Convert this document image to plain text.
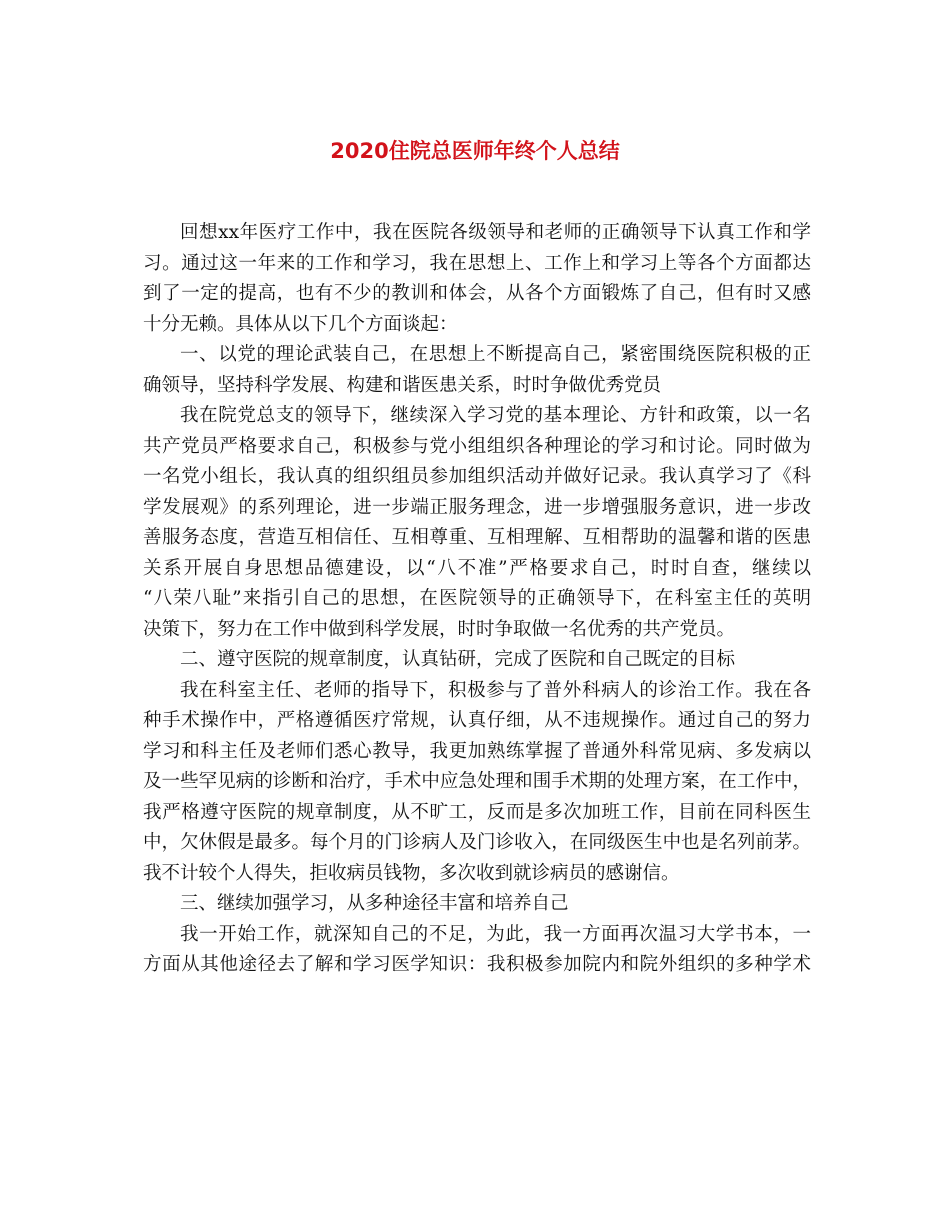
2020住院总医师年终个人总结
回想xx年医疗工作中，我在医院各级领导和老师的正确领导下认真工作和学
习。通过这一年来的工作和学习，我在思想上、工作上和学习上等各个方面都达
到了一定的提高，也有不少的教训和体会，从各个方面锻炼了自己，但有时又感
十分无赖。具体从以下几个方面谈起：
一、以党的理论武装自己，在思想上不断提高自己，紧密围绕医院积极的正
确领导，坚持科学发展、构建和谐医患关系，时时争做优秀党员
我在院党总支的领导下，继续深入学习党的基本理论、方针和政策，以一名
共产党员严格要求自己，积极参与党小组组织各种理论的学习和讨论。同时做为
一名党小组长，我认真的组织组员参加组织活动并做好记录。我认真学习了《科
学发展观》的系列理论，进一步端正服务理念，进一步增强服务意识，进一步改
善服务态度，营造互相信任、互相尊重、互相理解、互相帮助的温馨和谐的医患
关系开展自身思想品德建设，以“八不准”严格要求自己，时时自查，继续以
“八荣八耻”来指引自己的思想，在医院领导的正确领导下，在科室主任的英明
决策下，努力在工作中做到科学发展，时时争取做一名优秀的共产党员。
二、遵守医院的规章制度，认真钻研，完成了医院和自己既定的目标
我在科室主任、老师的指导下，积极参与了普外科病人的诊治工作。我在各
种手术操作中，严格遵循医疗常规，认真仔细，从不违规操作。通过自己的努力
学习和科主任及老师们悉心教导，我更加熟练掌握了普通外科常见病、多发病以
及一些罕见病的诊断和治疗，手术中应急处理和围手术期的处理方案，在工作中，
我严格遵守医院的规章制度，从不旷工，反而是多次加班工作，目前在同科医生
中，欠休假是最多。每个月的门诊病人及门诊收入，在同级医生中也是名列前茅。
我不计较个人得失，拒收病员钱物，多次收到就诊病员的感谢信。
三、继续加强学习，从多种途径丰富和培养自己
我一开始工作，就深知自己的不足，为此，我一方面再次温习大学书本，一
方面从其他途径去了解和学习医学知识：我积极参加院内和院外组织的多种学术
